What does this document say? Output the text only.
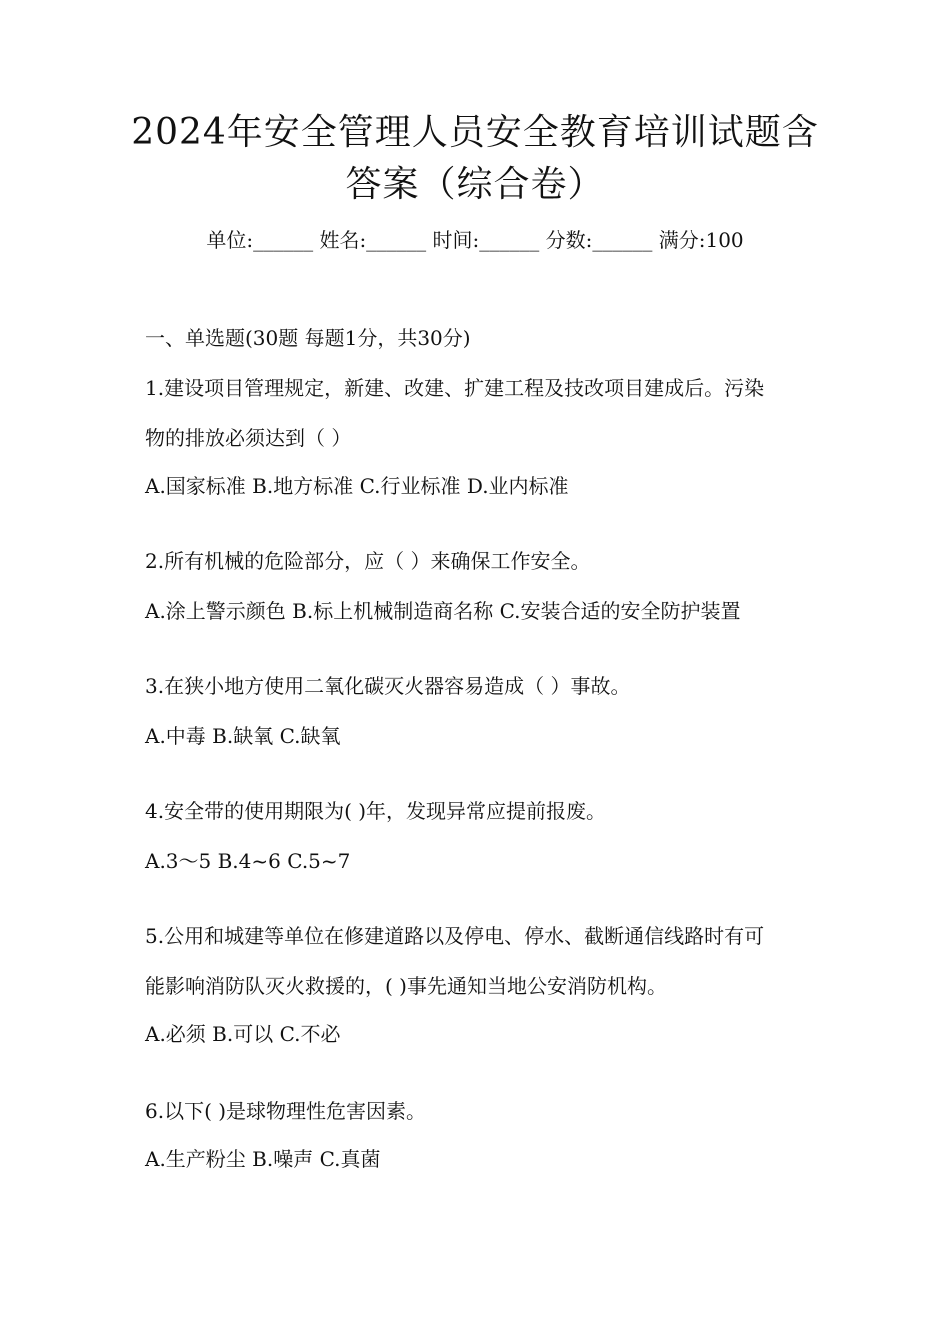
2024年安全管理人员安全教育培训试题含
答案（综合卷）
单位:______ 姓名:______ 时间:______ 分数:______ 满分:100
一、单选题(30题 每题1分，共30分)
1.建设项目管理规定，新建、改建、扩建工程及技改项目建成后。污染
物的排放必须达到（ ）
A.国家标准 B.地方标准 C.行业标准 D.业内标准
2.所有机械的危险部分，应（ ）来确保工作安全。
A.涂上警示颜色 B.标上机械制造商名称 C.安装合适的安全防护装置
3.在狭小地方使用二氧化碳灭火器容易造成（ ）事故。
A.中毒 B.缺氧 C.缺氧
4.安全带的使用期限为( )年，发现异常应提前报废。
A.3～5 B.4~6 C.5~7
5.公用和城建等单位在修建道路以及停电、停水、截断通信线路时有可
能影响消防队灭火救援的，( )事先通知当地公安消防机构。
A.必须 B.可以 C.不必
6.以下( )是球物理性危害因素。
A.生产粉尘 B.噪声 C.真菌
